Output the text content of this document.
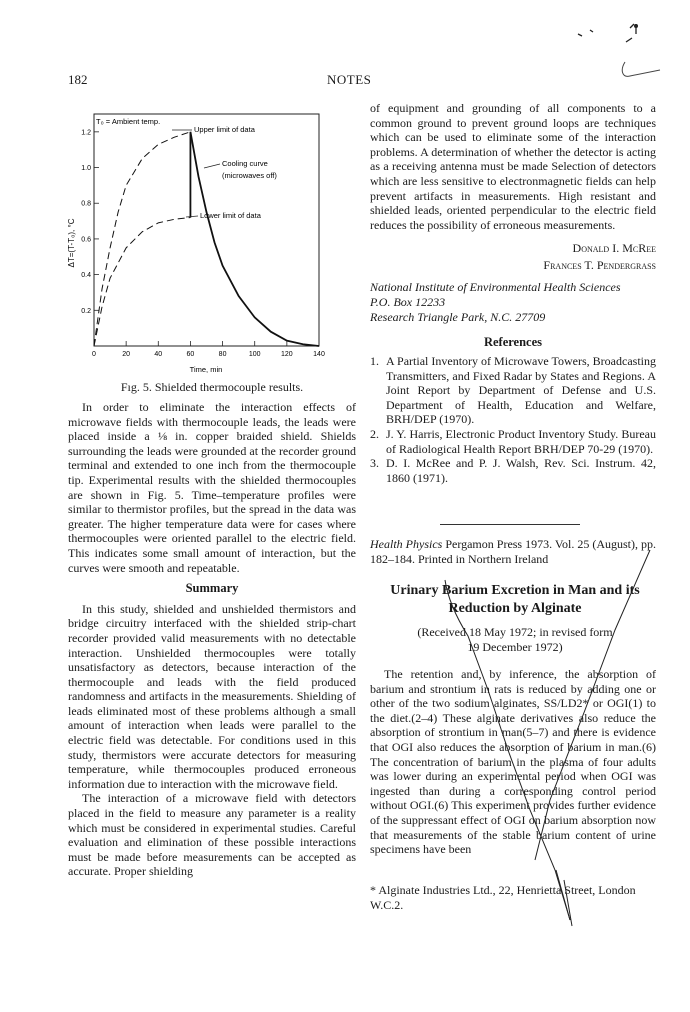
182	NOTES
0.2
0.4
0.6
0.8
1.0
1.2
0	20	40	60	80	100	120	140
T₀ = Ambient temp.
Upper limit of data
Cooling curve
(microwaves off)
Lower limit of data
Time, min
ΔT=(T-T₀), °C
Fıg. 5. Shielded thermocouple results.

In order to eliminate the interaction effects of microwave fields with thermocouple leads, the leads were placed inside a ⅛ in. copper braided shield. Shields surrounding the leads were grounded at the recorder ground terminal and extended to one inch from the thermocouple tip. Experimental results with the shielded thermocouples are shown in Fig. 5. Time–temperature profiles were similar to thermistor profiles, but the spread in the data was greater. The higher temperature data were for cases where thermocouples were oriented parallel to the electric field. This indicates some small amount of interaction, but the curves were smooth and repeatable.

Summary

In this study, shielded and unshielded thermistors and bridge circuitry interfaced with the shielded strip-chart recorder provided valid measurements with no detectable interaction. Unshielded thermocouples were totally unsatisfactory as detectors, because interaction of the thermocouple and leads with the field produced randomness and artifacts in the measurements. Shielding of leads eliminated most of these problems although a small amount of interaction when leads were parallel to the electric field was detectable. For conditions used in this study, thermistors were accurate detectors for measuring temperature, while thermocouples produced erroneous information due to interaction with the microwave field.

The interaction of a microwave field with detectors placed in the field to measure any parameter is a reality which must be considered in experimental studies. Careful evaluation and elimination of these possible interactions must be made before measurements can be accepted as accurate. Proper shielding

of equipment and grounding of all components to a common ground to prevent ground loops are techniques which can be used to eliminate some of the interaction problems. A determination of whether the detector is acting as a receiving antenna must be made Selection of detectors which are less sensitive to electronmagnetic fields can help prevent artifacts in measurements. High resistant and shielded leads, oriented perpendicular to the electric field reduces the possibility of erroneous measurements.

Donald I. McRee
Frances T. Pendergrass
National Institute of Environmental Health Sciences
P.O. Box 12233
Research Triangle Park, N.C. 27709
References
1. A Partial Inventory of Microwave Towers, Broadcasting Transmitters, and Fixed Radar by States and Regions. A Joint Report by Department of Defense and U.S. Department of Health, Education and Welfare, BRH/DEP (1970).
2. J. Y. Harris, Electronic Product Inventory Study. Bureau of Radiological Health Report BRH/DEP 70-29 (1970).
3. D. I. McRee and P. J. Walsh, Rev. Sci. Instrum. 42, 1860 (1971).
Health Physics Pergamon Press 1973. Vol. 25 (August), pp. 182–184. Printed in Northern Ireland
Urinary Barium Excretion in Man and its Reduction by Alginate
(Received 18 May 1972; in revised form
19 December 1972)

The retention and, by inference, the absorption of barium and strontium in rats is reduced by adding one or other of the two sodium alginates, SS/LD2* or OGI(1) to the diet.(2–4) These alginate derivatives also reduce the absorption of strontium in man(5–7) and there is evidence that OGI also reduces the absorption of barium in man.(6) The concentration of barium in the plasma of four adults was lower during an experimental period when OGI was ingested than during a corresponding control period without OGI.(6) This experiment provides further evidence of the suppressant effect of OGI on barium absorption now that measurements of the stable barium content of urine specimens have been

* Alginate Industries Ltd., 22, Henrietta Street, London W.C.2.
